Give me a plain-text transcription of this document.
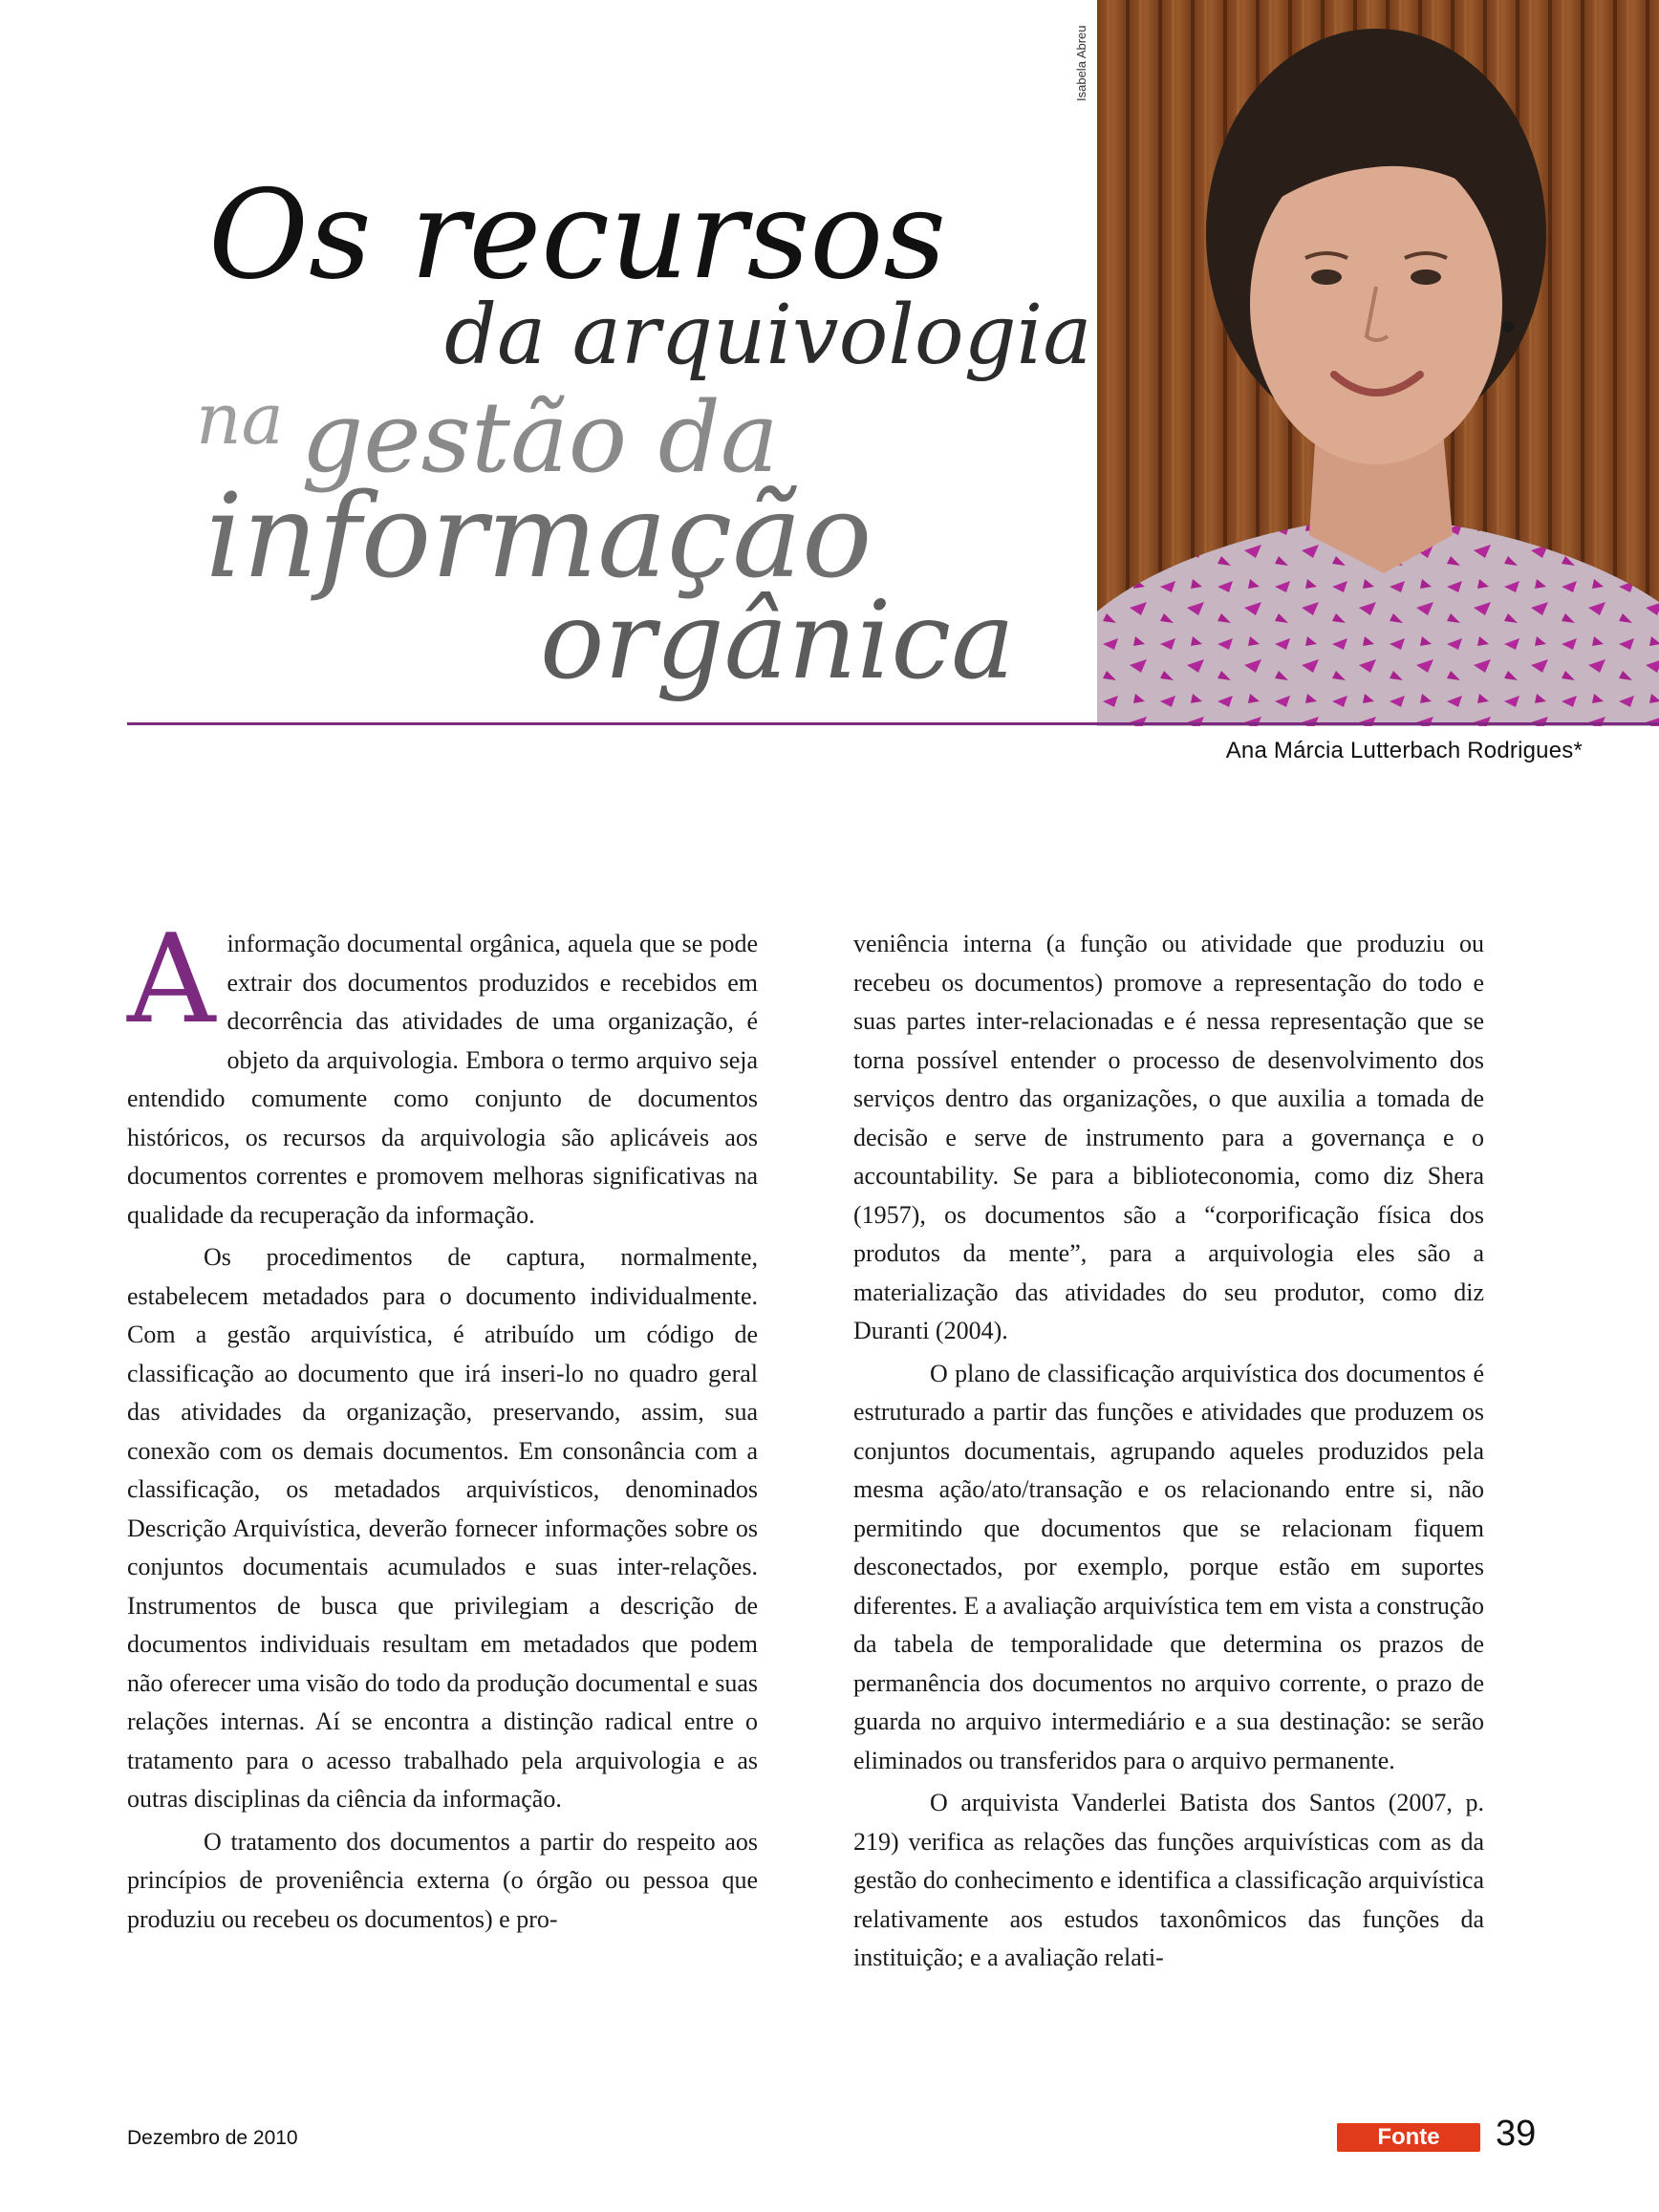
Os recursos
da arquivologia
na gestão da
informação
orgânica
Isabela Abreu
Ana Márcia Lutterbach Rodrigues*

Ainformação documental orgânica, aquela que se pode extrair dos documentos produzidos e recebidos em decorrência das atividades de uma organização, é objeto da arquivologia. Embora o termo arquivo seja entendido comumente como conjunto de documentos históricos, os recursos da arquivologia são aplicáveis aos documentos correntes e promovem melhoras significativas na qualidade da recuperação da informação.

Os procedimentos de captura, normalmente, estabelecem metadados para o documento individualmente. Com a gestão arquivística, é atribuído um código de classificação ao documento que irá inseri-lo no quadro geral das atividades da organização, preservando, assim, sua conexão com os demais documentos. Em consonância com a classificação, os metadados arquivísticos, denominados Descrição Arquivística, deverão fornecer informações sobre os conjuntos documentais acumulados e suas inter-relações. Instrumentos de busca que privilegiam a descrição de documentos individuais resultam em metadados que podem não oferecer uma visão do todo da produção documental e suas relações internas. Aí se encontra a distinção radical entre o tratamento para o acesso trabalhado pela arquivologia e as outras disciplinas da ciência da informação.

O tratamento dos documentos a partir do respeito aos princípios de proveniência externa (o órgão ou pessoa que produziu ou recebeu os documentos) e pro-

veniência interna (a função ou atividade que produziu ou recebeu os documentos) promove a representação do todo e suas partes inter-relacionadas e é nessa representação que se torna possível entender o processo de desenvolvimento dos serviços dentro das organizações, o que auxilia a tomada de decisão e serve de instrumento para a governança e o accountability. Se para a biblioteconomia, como diz Shera (1957), os documentos são a “corporificação física dos produtos da mente”, para a arquivologia eles são a materialização das atividades do seu produtor, como diz Duranti (2004).

O plano de classificação arquivística dos documentos é estruturado a partir das funções e atividades que produzem os conjuntos documentais, agrupando aqueles produzidos pela mesma ação/ato/transação e os relacionando entre si, não permitindo que documentos que se relacionam fiquem desconectados, por exemplo, porque estão em suportes diferentes. E a avaliação arquivística tem em vista a construção da tabela de temporalidade que determina os prazos de permanência dos documentos no arquivo corrente, o prazo de guarda no arquivo intermediário e a sua destinação: se serão eliminados ou transferidos para o arquivo permanente.

O arquivista Vanderlei Batista dos Santos (2007, p. 219) verifica as relações das funções arquivísticas com as da gestão do conhecimento e identifica a classificação arquivística relativamente aos estudos taxonômicos das funções da instituição; e a avaliação relati-

Dezembro de 2010	Fonte	39
